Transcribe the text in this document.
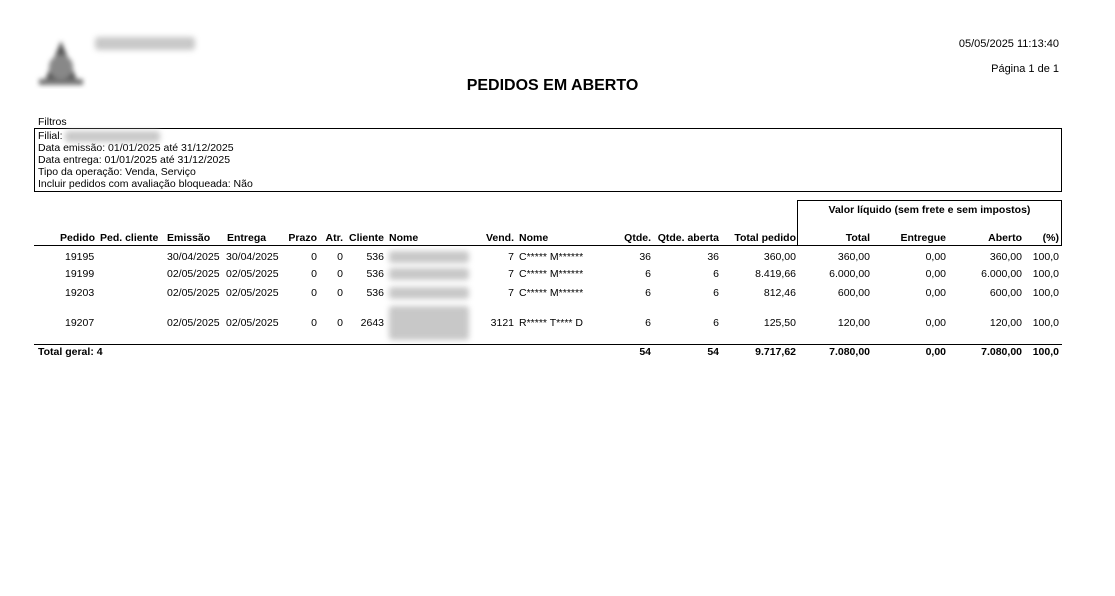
05/05/2025 11:13:40
Página 1 de 1
PEDIDOS EM ABERTO
Filtros
Filial:
Data emissão: 01/01/2025 até 31/12/2025
Data entrega: 01/01/2025 até 31/12/2025
Tipo da operação: Venda, Serviço
Incluir pedidos com avaliação bloqueada: Não
Valor líquido (sem frete e sem impostos)
Pedido Ped. cliente Emissão Entrega Prazo Atr. Cliente Nome	Vend. Nome	Qtde. Qtde. aberta Total pedido	Total	Entregue	Aberto (%)
19195	30/04/2025 30/04/2025	0 0 536	7 C***** M******	36	36	360,00	360,00	0,00	360,00 100,0
19199	02/05/2025 02/05/2025	0 0 536	7 C***** M******	6	6	8.419,66	6.000,00	0,00	6.000,00 100,0
19203	02/05/2025 02/05/2025	0 0 536	7 C***** M******	6	6	812,46	600,00	0,00	600,00 100,0
19207	02/05/2025 02/05/2025	0 0 2643	3121 R***** T**** D	6	6	125,50	120,00	0,00	120,00 100,0
Total geral: 4	54	54	9.717,62	7.080,00	0,00	7.080,00 100,0
